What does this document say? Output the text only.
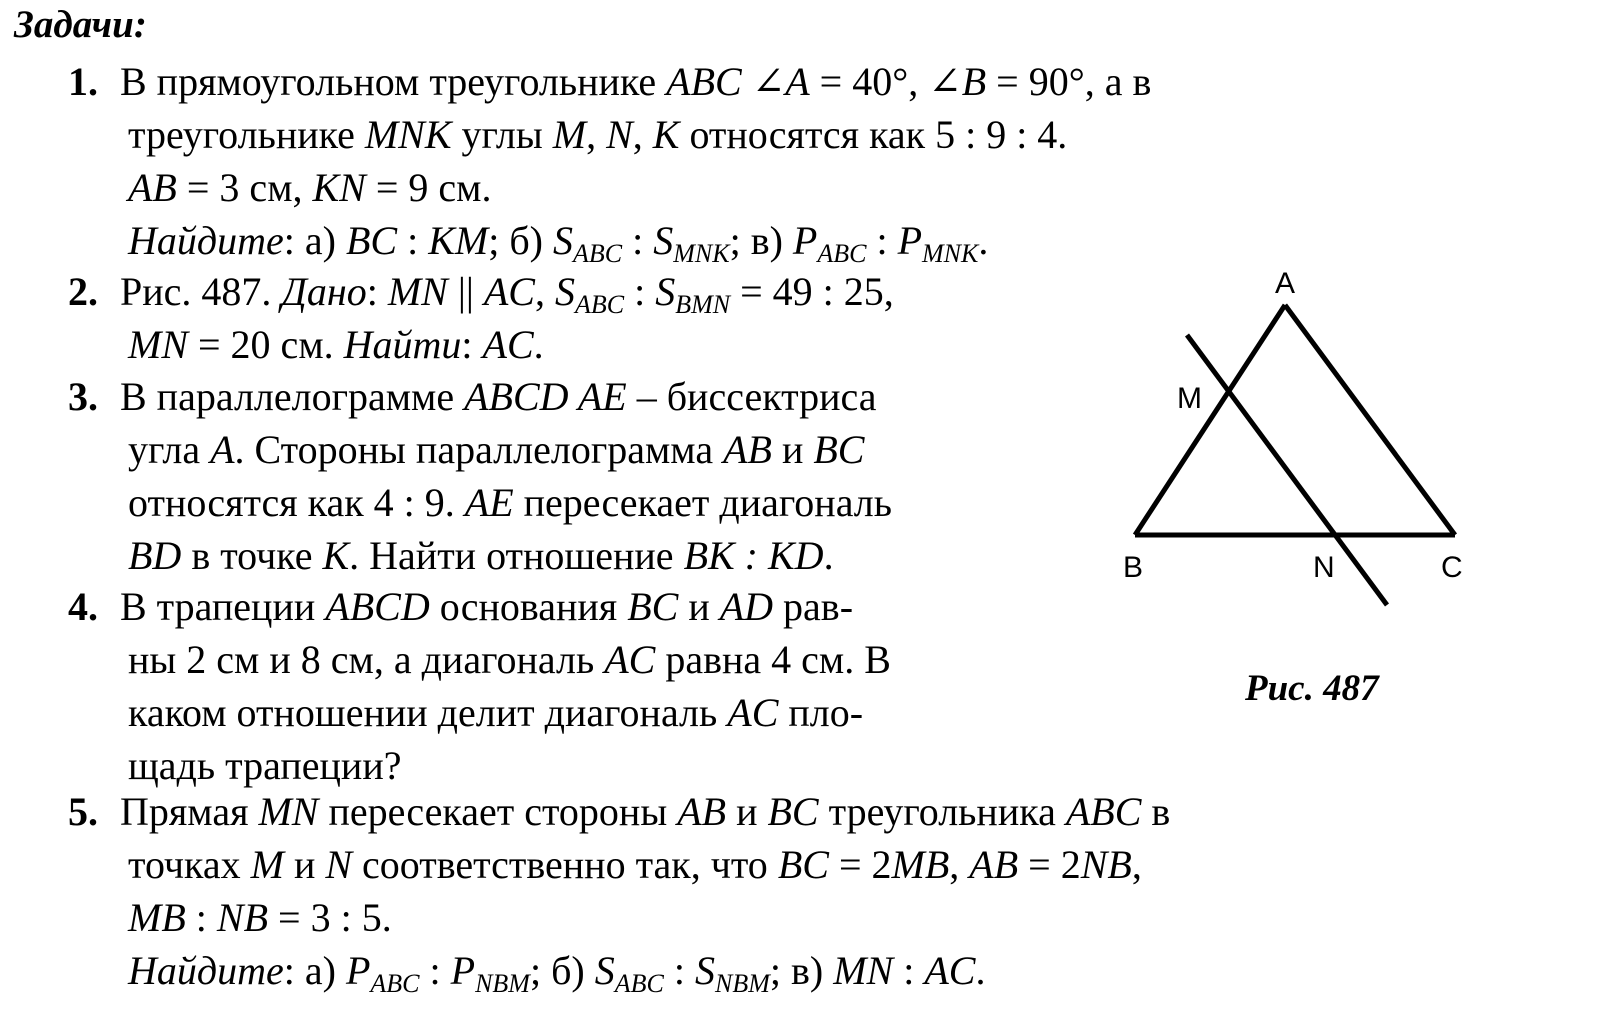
Задачи:
1. В прямоугольном треугольнике ABC ∠A = 40°, ∠B = 90°, а в
треугольнике MNK углы M, N, K относятся как 5 : 9 : 4.
AB = 3 см, KN = 9 см.
Найдите: а) BC : KM; б) $S_{ABC}$ : $S_{MNK}$; в) $P_{ABC}$ : $P_{MNK}$.
2. Рис. 487. Дано: MN || AC, $S_{ABC}$ : $S_{BMN} = 49$ : 25,
MN = 20 см. Найти: AC.
3. В параллелограмме ABCD AE – биссектриса
угла A. Стороны параллелограмма AB и BC
относятся как 4 : 9. AE пересекает диагональ
BD в точке K. Найти отношение BK : KD.
4. В трапеции ABCD основания BC и AD рав-
ны 2 см и 8 см, а диагональ AC равна 4 см. В
каком отношении делит диагональ AC пло-
щадь трапеции?
5. Прямая MN пересекает стороны AB и BC треугольника ABC в
точках M и N соответственно так, что BC = 2MB, AB = 2NB,
MB : NB = 3 : 5.
Найдите: а) $P_{ABC}$ : $P_{NBM}$; б) $S_{ABC}$ : $S_{NBM}$; в) MN : AC.
A
M
B	N	C
Рис. 487
